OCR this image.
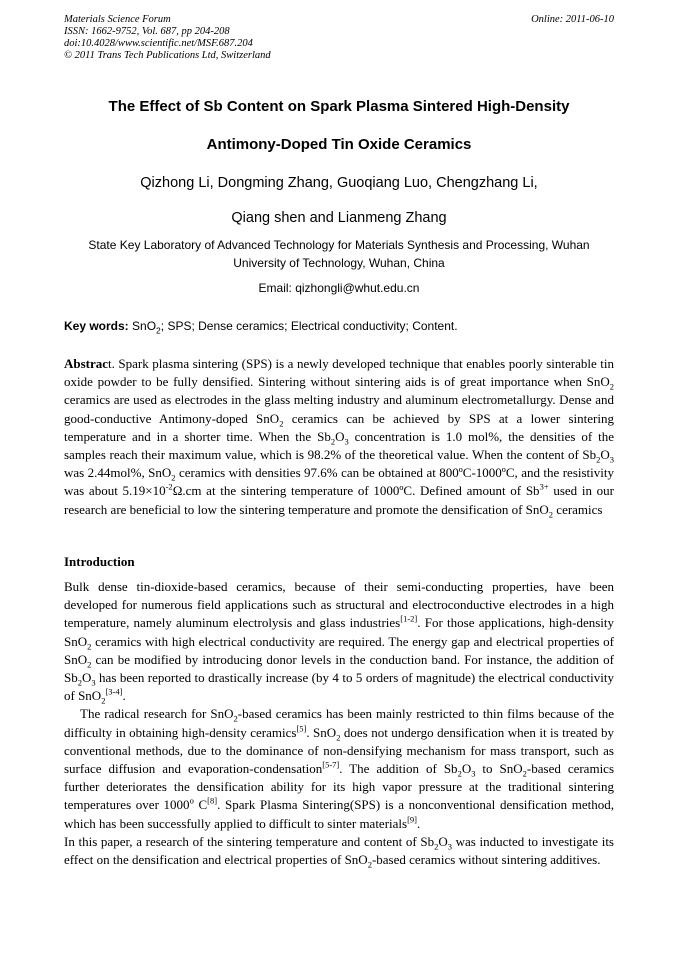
Materials Science Forum
ISSN: 1662-9752, Vol. 687, pp 204-208
doi:10.4028/www.scientific.net/MSF.687.204
© 2011 Trans Tech Publications Ltd, Switzerland
Online: 2011-06-10
The Effect of Sb Content on Spark Plasma Sintered High-Density
Antimony-Doped Tin Oxide Ceramics
Qizhong Li, Dongming Zhang, Guoqiang Luo, Chengzhang Li,
Qiang shen and Lianmeng Zhang
State Key Laboratory of Advanced Technology for Materials Synthesis and Processing, Wuhan
University of Technology, Wuhan, China
Email: qizhongli@whut.edu.cn
Key words: SnO$_2$; SPS; Dense ceramics; Electrical conductivity; Content.
Abstract. Spark plasma sintering (SPS) is a newly developed technique that enables poorly sinterable tin oxide powder to be fully densified. Sintering without sintering aids is of great importance when SnO$_2$ ceramics are used as electrodes in the glass melting industry and aluminum electrometallurgy. Dense and good-conductive Antimony-doped SnO$_2$ ceramics can be achieved by SPS at a lower sintering temperature and in a shorter time. When the $Sb_2O_3$ concentration is 1.0 mol%, the densities of the samples reach their maximum value, which is 98.2% of the theoretical value. When the content of $Sb_2O_3$ was 2.44mol%, SnO$_2$ ceramics with densities 97.6% can be obtained at 800ºC-1000ºC, and the resistivity was about $5.19\times 10^{-2}\Omega.cm$ at the sintering temperature of 1000ºC. Defined amount of $Sb^{3+}$ used in our research are beneficial to low the sintering temperature and promote the densification of SnO$_2$ ceramics
Introduction

Bulk dense tin-dioxide-based ceramics, because of their semi-conducting properties, have been developed for numerous field applications such as structural and electroconductive electrodes in a high temperature, namely aluminum electrolysis and glass industries[1-2]. For those applications, high-density SnO$_2$ ceramics with high electrical conductivity are required. The energy gap and electrical properties of SnO$_2$ can be modified by introducing donor levels in the conduction band. For instance, the addition of $Sb_2O_3$ has been reported to drastically increase (by 4 to 5 orders of magnitude) the electrical conductivity of SnO$_2$[3-4].

The radical research for SnO$_2$-based ceramics has been mainly restricted to thin films because of the difficulty in obtaining high-density ceramics[5]. SnO$_2$ does not undergo densification when it is treated by conventional methods, due to the dominance of non-densifying mechanism for mass transport, such as surface diffusion and evaporation-condensation[5-7]. The addition of $Sb_2O_3$ to SnO$_2$-based ceramics further deteriorates the densification ability for its high vapor pressure at the traditional sintering temperatures over 1000$^o$ C[8]. Spark Plasma Sintering(SPS) is a nonconventional densification method, which has been successfully applied to difficult to sinter materials[9].

In this paper, a research of the sintering temperature and content of $Sb_2O_3$ was inducted to investigate its effect on the densification and electrical properties of SnO$_2$-based ceramics without sintering additives.
